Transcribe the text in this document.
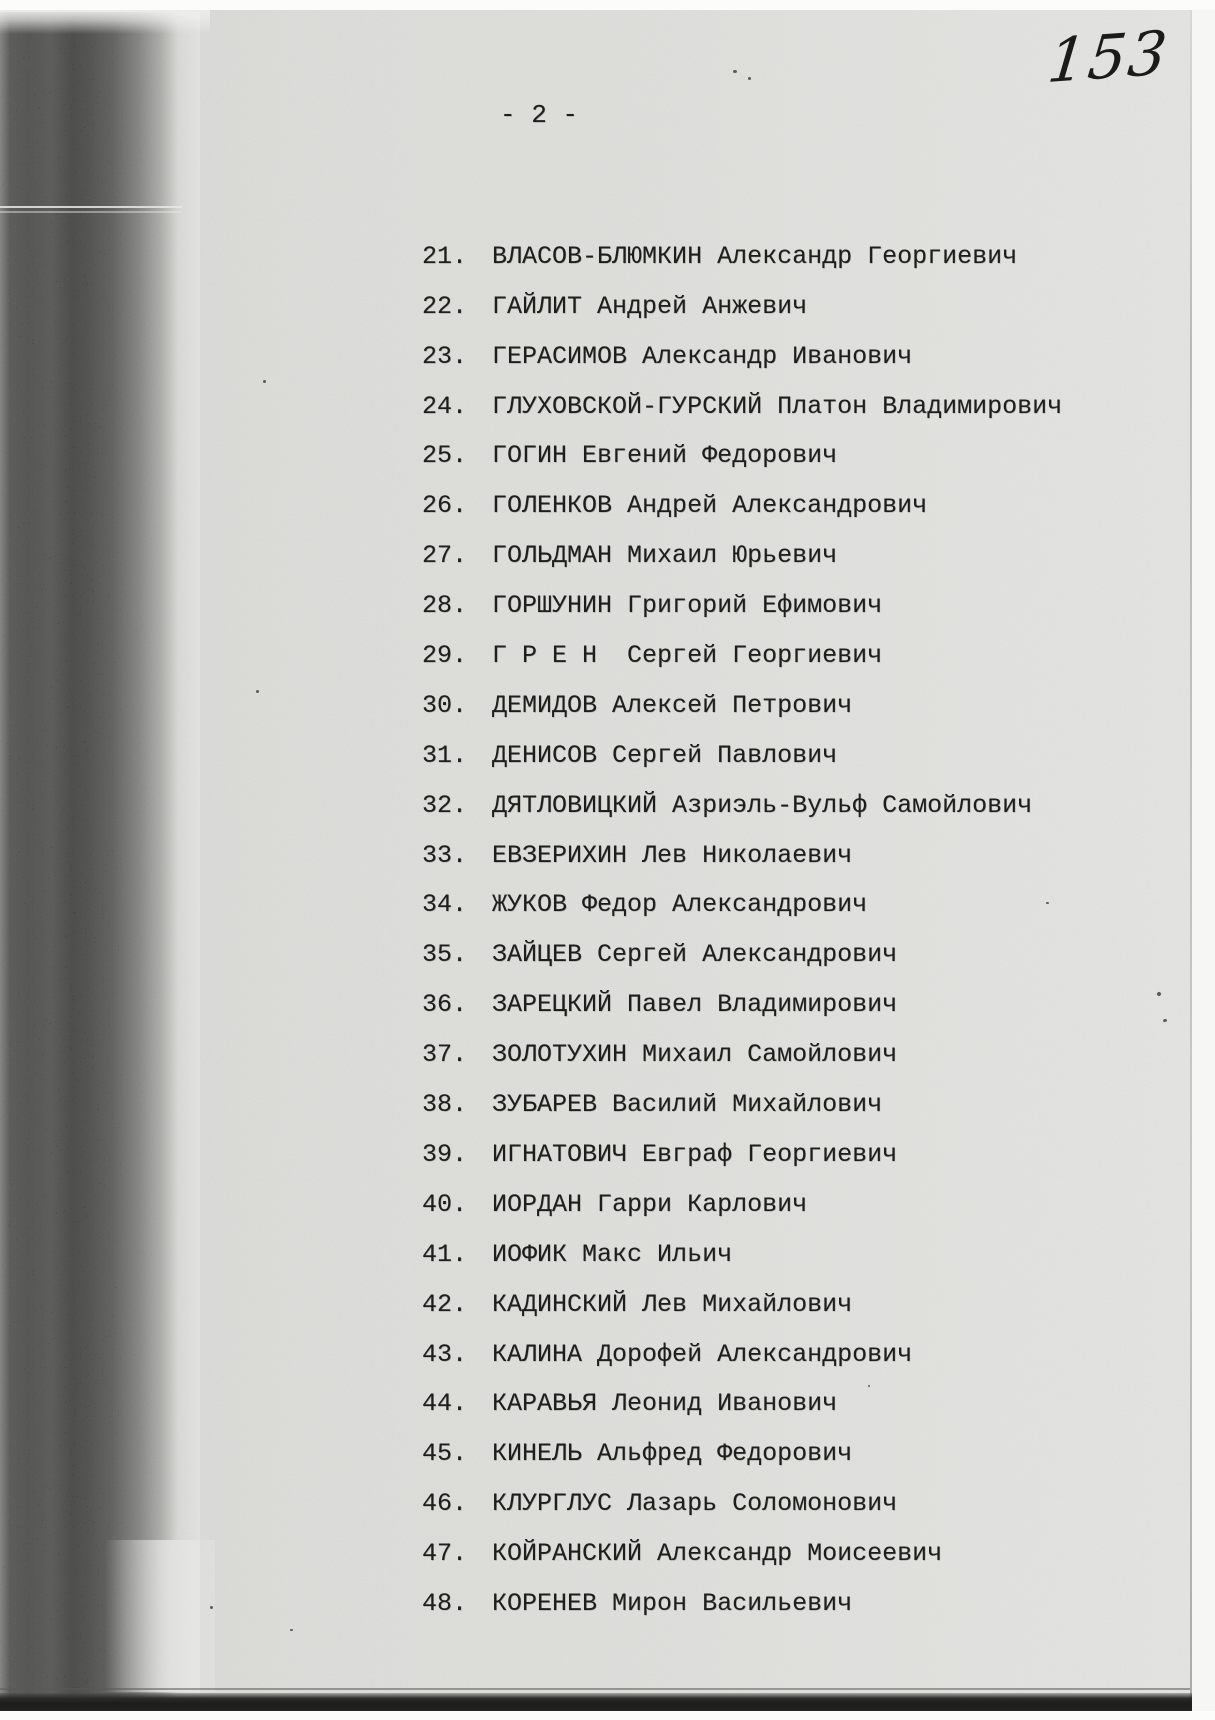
153
- 2 -

21. ВЛАСОВ-БЛЮМКИН Александр Георгиевич

22. ГАЙЛИТ Андрей Анжевич

23. ГЕРАСИМОВ Александр Иванович

24. ГЛУХОВСКОЙ-ГУРСКИЙ Платон Владимирович

25. ГОГИН Евгений Федорович

26. ГОЛЕНКОВ Андрей Александрович

27. ГОЛЬДМАН Михаил Юрьевич

28. ГОРШУНИН Григорий Ефимович

29. Г Р Е Н  Сергей Георгиевич

30. ДЕМИДОВ Алексей Петрович

31. ДЕНИСОВ Сергей Павлович

32. ДЯТЛОВИЦКИЙ Азриэль-Вульф Самойлович

33. ЕВЗЕРИХИН Лев Николаевич

34. ЖУКОВ Федор Александрович

35. ЗАЙЦЕВ Сергей Александрович

36. ЗАРЕЦКИЙ Павел Владимирович

37. ЗОЛОТУХИН Михаил Самойлович

38. ЗУБАРЕВ Василий Михайлович

39. ИГНАТОВИЧ Евграф Георгиевич

40. ИОРДАН Гарри Карлович

41. ИОФИК Макс Ильич

42. КАДИНСКИЙ Лев Михайлович

43. КАЛИНА Дорофей Александрович

44. КАРАВЬЯ Леонид Иванович

45. КИНЕЛЬ Альфред Федорович

46. КЛУРГЛУС Лазарь Соломонович

47. КОЙРАНСКИЙ Александр Моисеевич

48. КОРЕНЕВ Мирон Васильевич
